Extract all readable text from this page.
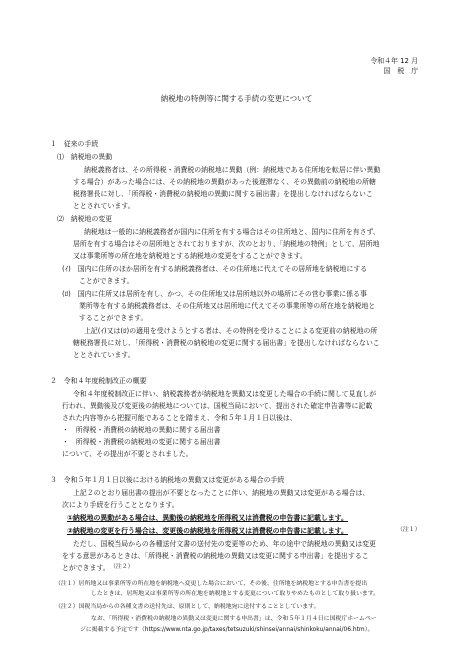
令和４年 12 月
国　税　庁
納税地の特例等に関する手続の変更について
１　従来の手続
⑴　納税地の異動
納税義務者は、その所得税・消費税の納税地に異動（例：納税地である住所地を転居に伴い異動
する場合）があった場合には、その納税地の異動があった後遅滞なく、その異動前の納税地の所轄
税務署長に対し、「所得税・消費税の納税地の異動に関する届出書」を提出しなければならないこ
ととされています。
⑵　納税地の変更
納税地は一般的に納税義務者が国内に住所を有する場合はその住所地と、国内に住所を有さず、
居所を有する場合はその居所地とされておりますが、次のとおり、「納税地の特例」として、居所地
又は事業所等の所在地を納税地とする納税地の変更をすることができます。
(ｲ)　国内に住所のほか居所を有する納税義務者は、その住所地に代えてその居所地を納税地にする
ことができます。
(ﾛ)　国内に住所又は居所を有し、かつ、その住所地又は居所地以外の場所にその営む事業に係る事
業所等を有する納税義務者は、その住所地又は居所地に代えてその事業所等の所在地を納税地と
することができます。
上記(ｲ)又は(ﾛ)の適用を受けようとする者は、その特例を受けることによる変更前の納税地の所
轄税務署長に対し、「所得税・消費税の納税地の変更に関する届出書」を提出しなければならないこ
ととされています。
２　令和４年度税制改正の概要
令和４年度税制改正に伴い、納税義務者が納税地を異動又は変更した場合の手続に関して見直しが
行われ、異動後及び変更後の納税地については、国税当局において、提出された確定申告書等に記載
された内容等から把握可能であることを踏まえ、令和５年１月１日以後は、
・　所得税・消費税の納税地の異動に関する届出書
・　所得税・消費税の納税地の変更に関する届出書
について、その提出が不要とされました。
３　令和５年１月１日以後における納税地の異動又は変更がある場合の手続
上記２のとおり届出書の提出が不要となったことに伴い、納税地の異動又は変更がある場合は、
次により手続を行うこととなります。
①納税地の異動がある場合は、異動後の納税地を所得税又は消費税の申告書に記載します。
②納税地の変更を行う場合は、変更後の納税地を所得税又は消費税の申告書に記載します。	（注１）
ただし、国税当局からの各種送付文書の送付先の変更等のため、年の途中で納税地の異動又は変更
をする意思があるときは、「所得税・消費税の納税地の異動又は変更に関する申出書」を提出するこ
とができます。 （注２）
（注１）居所地又は事業所等の所在地を納税地へ変更した場合において、その後、住所地を納税地とする申告書を提出
したときは、居所地又は事業所等の所在地を納税地とする変更について取りやめたものとして取り扱います。
（注２）国税当局からの各種文書の送付先は、原則として、納税地宛に送付することとしています。
なお、「所得税・消費税の納税地の異動又は変更に関する申出書」は、令和５年１月４日に国税庁ホームペー
ジに掲載する予定です（https://www.nta.go.jp/taxes/tetsuzuki/shinsei/annai/shinkoku/annai/06.htm）。
